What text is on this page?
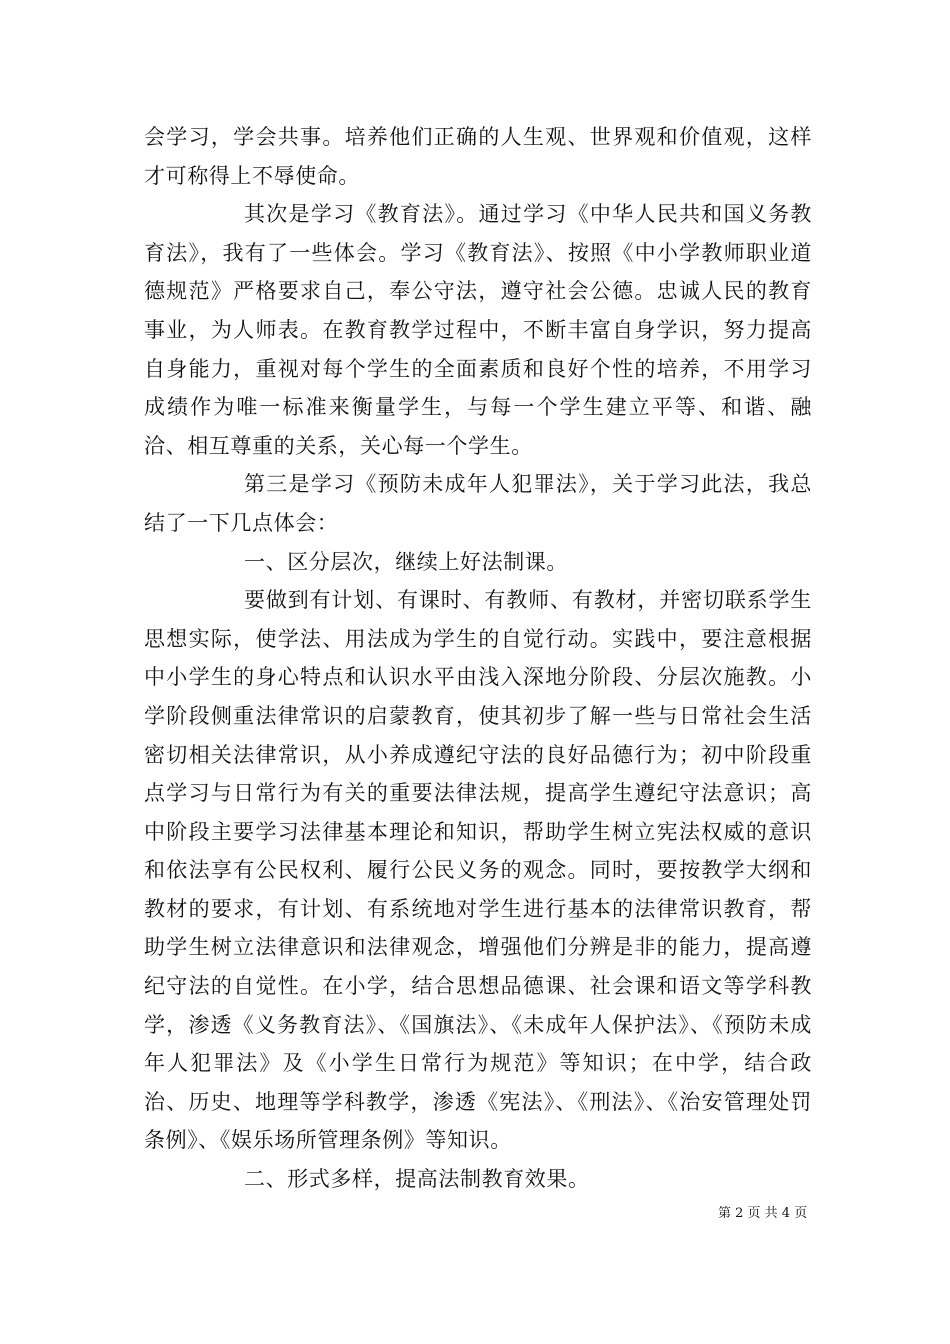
会学习，学会共事。培养他们正确的人生观、世界观和价值观，这样才可称得上不辱使命。

其次是学习《教育法》。通过学习《中华人民共和国义务教育法》，我有了一些体会。学习《教育法》、按照《中小学教师职业道德规范》严格要求自己，奉公守法，遵守社会公德。忠诚人民的教育事业，为人师表。在教育教学过程中，不断丰富自身学识，努力提高自身能力，重视对每个学生的全面素质和良好个性的培养，不用学习成绩作为唯一标准来衡量学生，与每一个学生建立平等、和谐、融洽、相互尊重的关系，关心每一个学生。

第三是学习《预防未成年人犯罪法》，关于学习此法，我总结了一下几点体会：

一、区分层次，继续上好法制课。

要做到有计划、有课时、有教师、有教材，并密切联系学生思想实际，使学法、用法成为学生的自觉行动。实践中，要注意根据中小学生的身心特点和认识水平由浅入深地分阶段、分层次施教。小学阶段侧重法律常识的启蒙教育，使其初步了解一些与日常社会生活密切相关法律常识，从小养成遵纪守法的良好品德行为；初中阶段重点学习与日常行为有关的重要法律法规，提高学生遵纪守法意识；高中阶段主要学习法律基本理论和知识，帮助学生树立宪法权威的意识和依法享有公民权利、履行公民义务的观念。同时，要按教学大纲和教材的要求，有计划、有系统地对学生进行基本的法律常识教育，帮助学生树立法律意识和法律观念，增强他们分辨是非的能力，提高遵纪守法的自觉性。在小学，结合思想品德课、社会课和语文等学科教学，渗透《义务教育法》、《国旗法》、《未成年人保护法》、《预防未成年人犯罪法》及《小学生日常行为规范》等知识；在中学，结合政治、历史、地理等学科教学，渗透《宪法》、《刑法》、《治安管理处罚条例》、《娱乐场所管理条例》等知识。

二、形式多样，提高法制教育效果。

第 2 页 共 4 页
